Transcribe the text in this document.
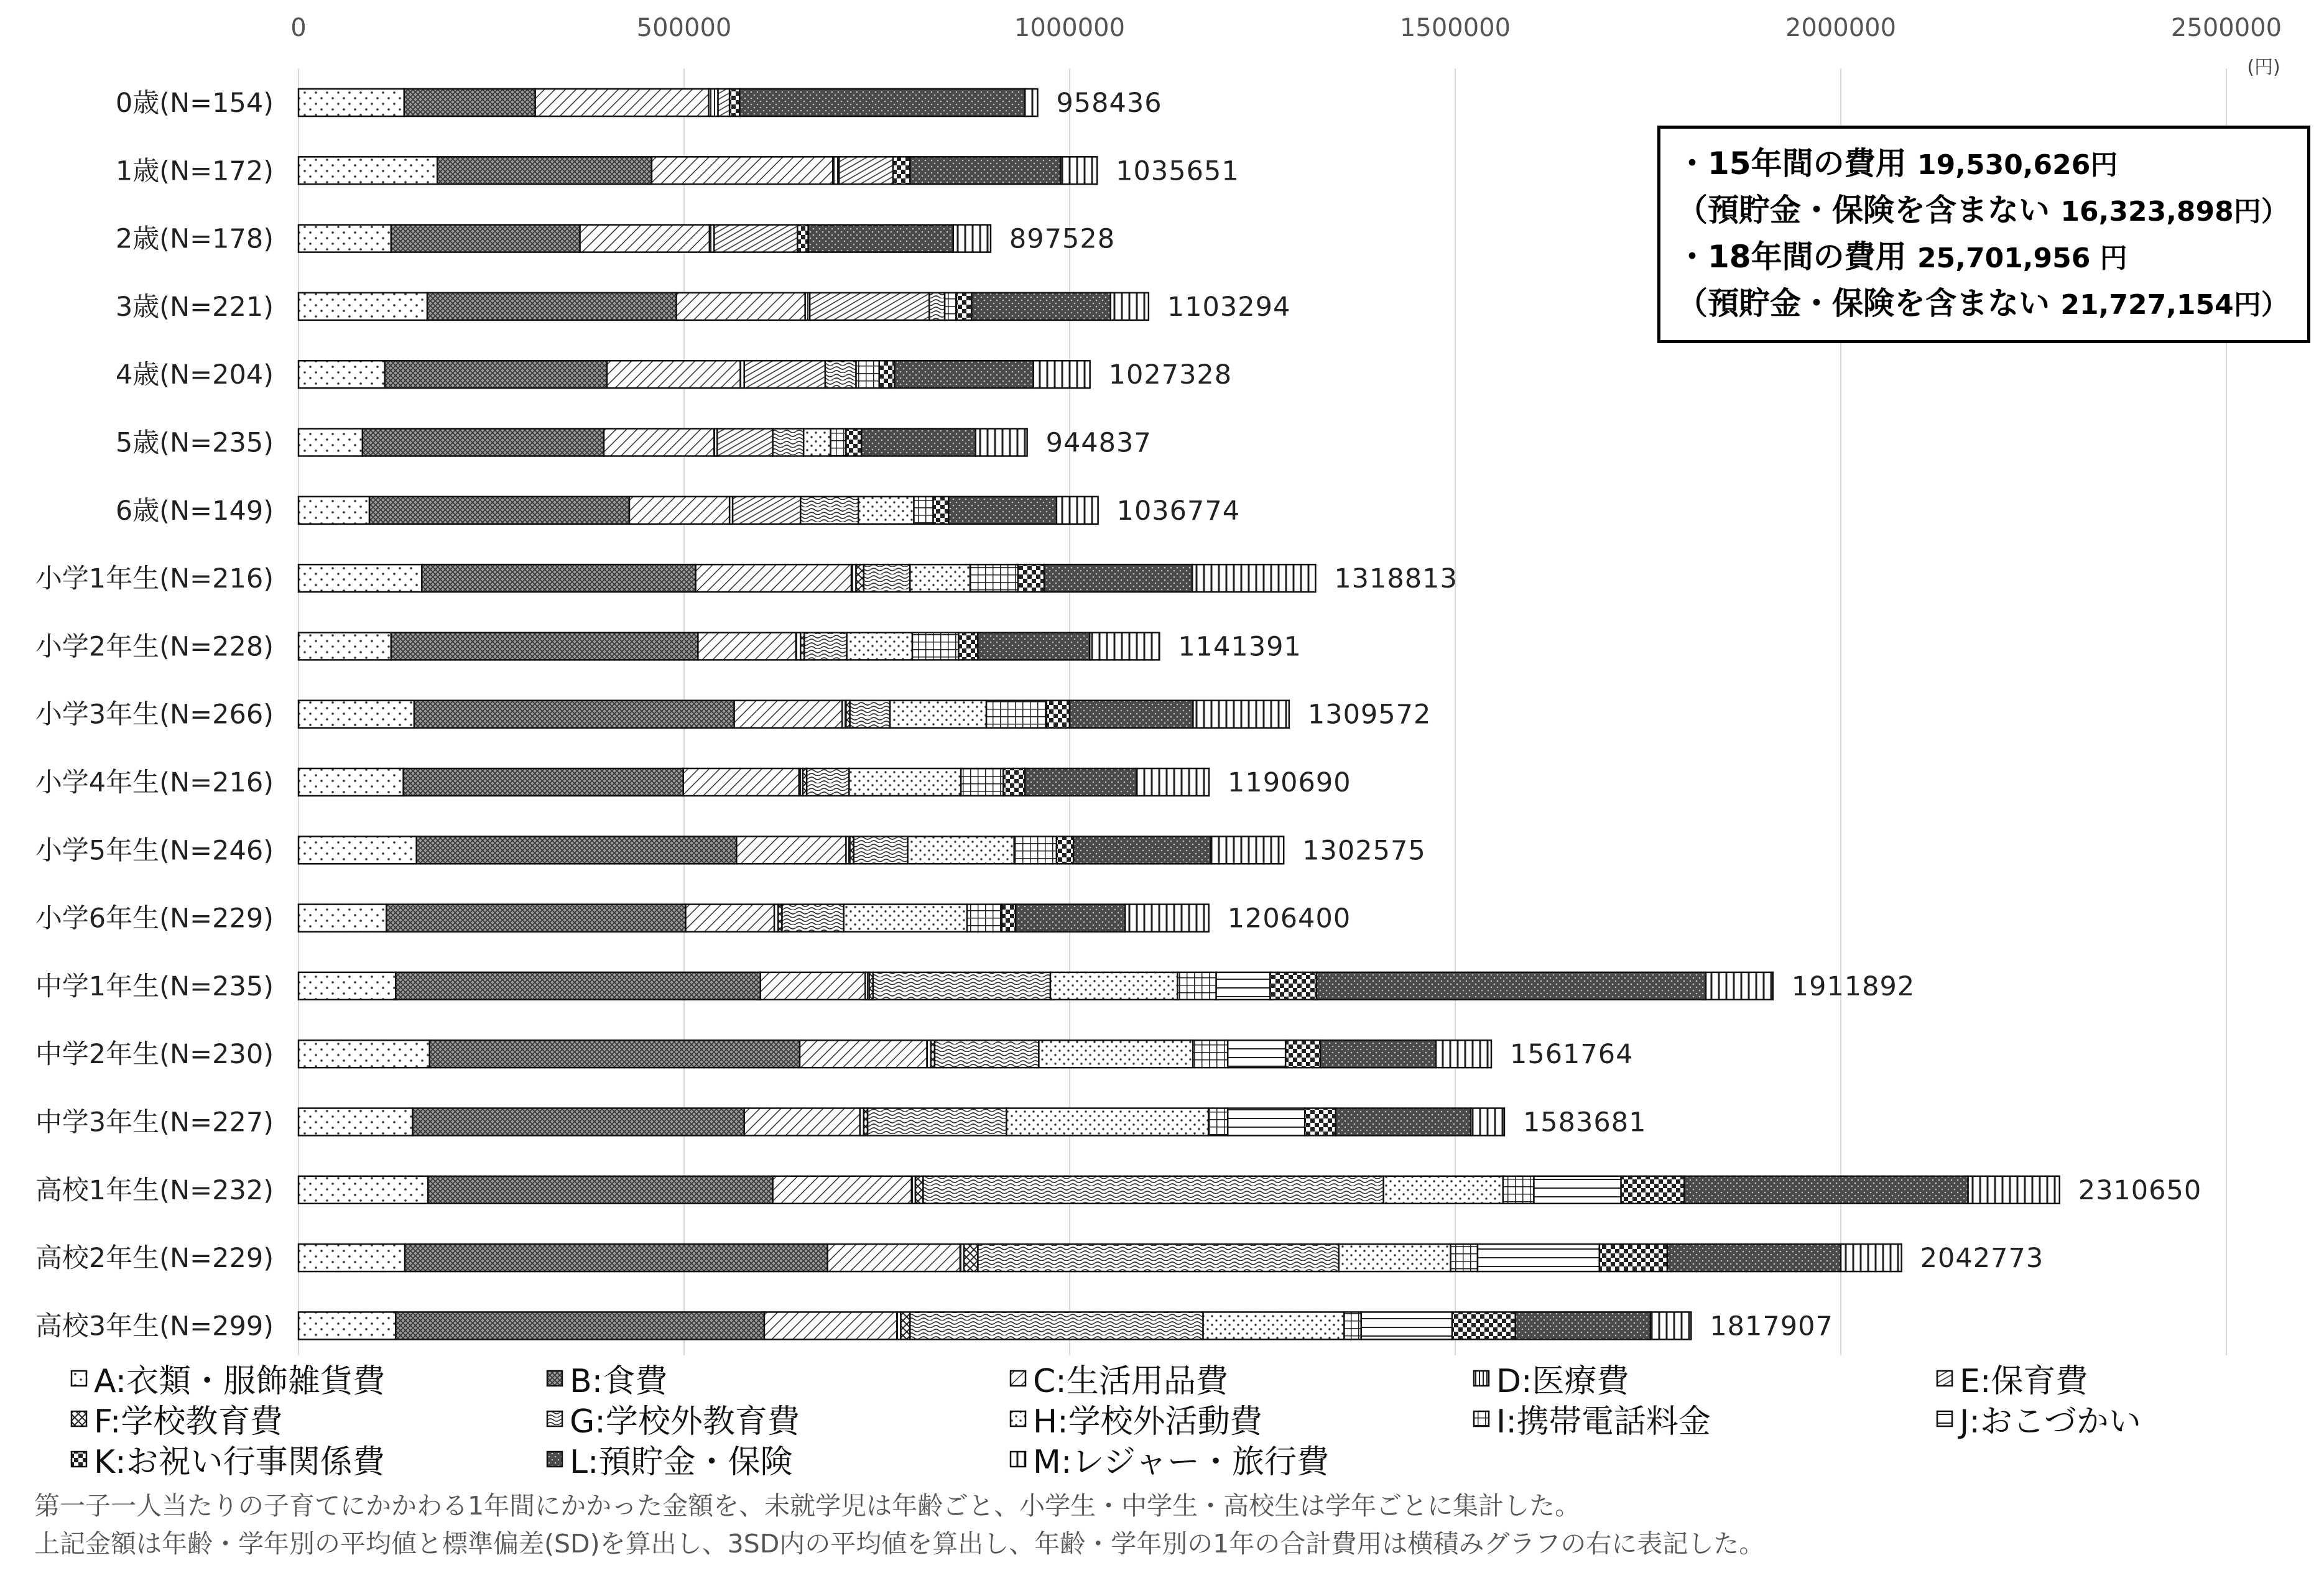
0	500000	1000000	1500000	2000000	2500000
(円)
0歳(N=154)	958436
1歳(N=172)	1035651
2歳(N=178)	897528
3歳(N=221)	1103294
4歳(N=204)	1027328
5歳(N=235)	944837
6歳(N=149)	1036774
小学1年生(N=216)	1318813
小学2年生(N=228)	1141391
小学3年生(N=266)	1309572
小学4年生(N=216)	1190690
小学5年生(N=246)	1302575
小学6年生(N=229)	1206400
中学1年生(N=235)	1911892
中学2年生(N=230)	1561764
中学3年生(N=227)	1583681
高校1年生(N=232)	2310650
高校2年生(N=229)	2042773
高校3年生(N=299)	1817907
A:衣類・服飾雑貨費	B:食費	C:生活用品費	D:医療費	E:保育費
F:学校教育費	G:学校外教育費	H:学校外活動費	I:携帯電話料金	J:おこづかい
K:お祝い行事関係費	L:預貯金・保険	M:レジャー・旅行費
・15年間の費用 19,530,626円
（預貯金・保険を含まない 16,323,898円）
・18年間の費用 25,701,956 円
（預貯金・保険を含まない 21,727,154円）
第一子一人当たりの子育てにかかわる1年間にかかった金額を、未就学児は年齢ごと、小学生・中学生・高校生は学年ごとに集計した。
上記金額は年齢・学年別の平均値と標準偏差(SD)を算出し、3SD内の平均値を算出し、年齢・学年別の1年の合計費用は横積みグラフの右に表記した。
